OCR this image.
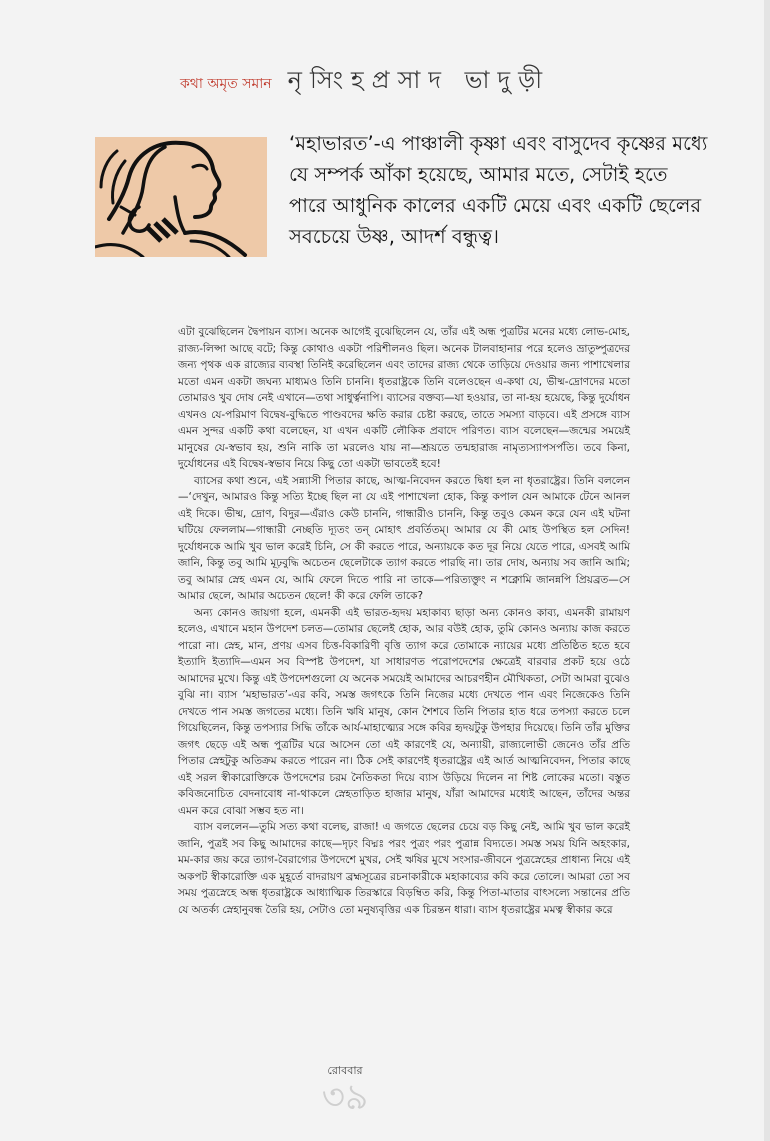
কথা অমৃত সমান নৃসিংহপ্রসাদ ভাদুড়ী
‘মহাভারত’-এ পাঞ্চালী কৃষ্ণা এবং বাসুদেব কৃষ্ণের মধ্যে যে সম্পর্ক আঁকা হয়েছে, আমার মতে, সেটাই হতে পারে আধুনিক কালের একটি মেয়ে এবং একটি ছেলের সবচেয়ে উষ্ণ, আদর্শ বন্ধুত্ব।

এটা বুঝেছিলেন দ্বৈপায়ন ব্যাস। অনেক আগেই বুঝেছিলেন যে, তাঁর এই অন্ধ পুত্রটির মনের মধ্যে লোভ-মোহ, রাজ্য-লিপ্সা আছে বটে; কিন্তু কোথাও একটা পরিশীলনও ছিল। অনেক টালবাহানার পরে হলেও ভ্রাতুষ্পুত্রদের জন্য পৃথক এক রাজ্যের ব্যবস্থা তিনিই করেছিলেন এবং তাদের রাজ্য থেকে তাড়িয়ে দেওয়ার জন্য পাশাখেলার মতো এমন একটা জঘন্য মাধ্যমও তিনি চাননি। ধৃতরাষ্ট্রকে তিনি বলেওছেন এ-কথা যে, ভীষ্ম-দ্রোণদের মতো তোমারও খুব দোষ নেই এখানে—তথা সাধুর্ত্বনাপি। ব্যাসের বক্তব্য—যা হওয়ার, তা না-হয় হয়েছে, কিন্তু দুর্যোধন এখনও যে-পরিমাণ বিদ্বেষ-বুদ্ধিতে পাণ্ডবদের ক্ষতি করার চেষ্টা করছে, তাতে সমস্যা বাড়বে। এই প্রসঙ্গে ব্যাস এমন সুন্দর একটি কথা বলেছেন, যা এখন একটি লৌকিক প্রবাদে পরিণত। ব্যাস বলেছেন—জন্মের সময়েই মানুষের যে-স্বভাব হয়, শুনি নাকি তা মরলেও যায় না—শ্রূয়তে তন্মহারাজ নামৃত্যস্যাপসর্পতি। তবে কিনা, দুর্যোধনের এই বিদ্বেষ-স্বভাব নিয়ে কিছু তো একটা ভাবতেই হবে!

ব্যাসের কথা শুনে, এই সন্ন্যাসী পিতার কাছে, আত্ম-নিবেদন করতে দ্বিধা হল না ধৃতরাষ্ট্রের। তিনি বললেন—‘দেখুন, আমারও কিন্তু সত্যি ইচ্ছে ছিল না যে এই পাশাখেলা হোক, কিন্তু কপাল যেন আমাকে টেনে আনল এই দিকে। ভীষ্ম, দ্রোণ, বিদুর—এঁরাও কেউ চাননি, গান্ধারীও চাননি, কিন্তু তবুও কেমন করে যেন এই ঘটনা ঘটিয়ে ফেললাম—গান্ধারী নেচ্ছতি দ্যূতং তন্ মোহাৎ প্রবর্তিতম্। আমার যে কী মোহ উপস্থিত হল সেদিন! দুর্যোধনকে আমি খুব ভাল করেই চিনি, সে কী করতে পারে, অন্যায়কে কত দূর নিয়ে যেতে পারে, এসবই আমি জানি, কিন্তু তবু আমি মূঢ়বুদ্ধি অচেতন ছেলেটাকে ত্যাগ করতে পারছি না। তার দোষ, অন্যায় সব জানি আমি; তবু আমার স্নেহ এমন যে, আমি ফেলে দিতে পারি না তাকে—পরিত্যক্তুং ন শক্নোমি জানন্নপি প্রিয়ব্রত—সে আমার ছেলে, আমার অচেতন ছেলে! কী করে ফেলি তাকে?

অন্য কোনও জায়গা হলে, এমনকী এই ভারত-হৃদয় মহাকাব্য ছাড়া অন্য কোনও কাব্য, এমনকী রামায়ণ হলেও, এখানে মহান উপদেশ চলত—তোমার ছেলেই হোক, আর বউই হোক, তুমি কোনও অন্যায় কাজ করতে পারো না। স্নেহ, মান, প্রণয় এসব চিত্ত-বিকারিণী বৃত্তি ত্যাগ করে তোমাকে ন্যায়ের মধ্যে প্রতিষ্ঠিত হতে হবে ইত্যাদি ইত্যাদি—এমন সব বিস্পষ্ট উপদেশ, যা সাধারণত পরোপদেশের ক্ষেত্রেই বারবার প্রকট হয়ে ওঠে আমাদের মুখে। কিন্তু এই উপদেশগুলো যে অনেক সময়েই আমাদের আচরণহীন মৌখিকতা, সেটা আমরা বুঝেও বুঝি না। ব্যাস ‘মহাভারত’-এর কবি, সমস্ত জগৎকে তিনি নিজের মধ্যে দেখতে পান এবং নিজেকেও তিনি দেখতে পান সমস্ত জগতের মধ্যে। তিনি ঋষি মানুষ, কোন শৈশবে তিনি পিতার হাত ধরে তপস্যা করতে চলে গিয়েছিলেন, কিন্তু তপস্যার সিদ্ধি তাঁকে আর্য-মাহাত্ম্যের সঙ্গে কবির হৃদয়টুকু উপহার দিয়েছে। তিনি তাঁর মুক্তির জগৎ ছেড়ে এই অন্ধ পুত্রটির ঘরে আসেন তো এই কারণেই যে, অন্যায়ী, রাজ্যলোভী জেনেও তাঁর প্রতি পিতার স্নেহটুকু অতিক্রম করতে পারেন না। ঠিক সেই কারণেই ধৃতরাষ্ট্রের এই আর্ত আত্মনিবেদন, পিতার কাছে এই সরল স্বীকারোক্তিকে উপদেশের চরম নৈতিকতা দিয়ে ব্যাস উড়িয়ে দিলেন না শিষ্ট লোকের মতো। বস্তুত কবিজনোচিত বেদনাবোধ না-থাকলে স্নেহতাড়িত হাজার মানুষ, যাঁরা আমাদের মধ্যেই আছেন, তাঁদের অন্তর এমন করে বোঝা সম্ভব হত না।

ব্যাস বললেন—তুমি সত্য কথা বলেছ, রাজা! এ জগতে ছেলের চেয়ে বড় কিছু নেই, আমি খুব ভাল করেই জানি, পুত্রই সব কিছু আমাদের কাছে—দৃঢ়ং বিদ্মঃ পরং পুত্রং পরং পুত্রান্ন বিদ্যতে। সমস্ত সময় যিনি অহংকার, মম-কার জয় করে ত্যাগ-বৈরাগ্যের উপদেশে মুখর, সেই ঋষির মুখে সংসার-জীবনে পুত্রস্নেহের প্রাধান্য নিয়ে এই অকপট স্বীকারোক্তি এক মুহূর্তে বাদরায়ণ ব্রহ্মসূত্রের রচনাকারীকে মহাকাব্যের কবি করে তোলে। আমরা তো সব সময় পুত্রস্নেহে অন্ধ ধৃতরাষ্ট্রকে আধ্যাত্মিক তিরস্কারে বিড়ম্বিত করি, কিন্তু পিতা-মাতার বাৎসল্যে সন্তানের প্রতি যে অতর্ক্য স্নেহানুবন্ধ তৈরি হয়, সেটাও তো মনুষ্যবৃত্তির এক চিরন্তন ধারা। ব্যাস ধৃতরাষ্ট্রের মমত্ব স্বীকার করে

রোববার
৩৯
